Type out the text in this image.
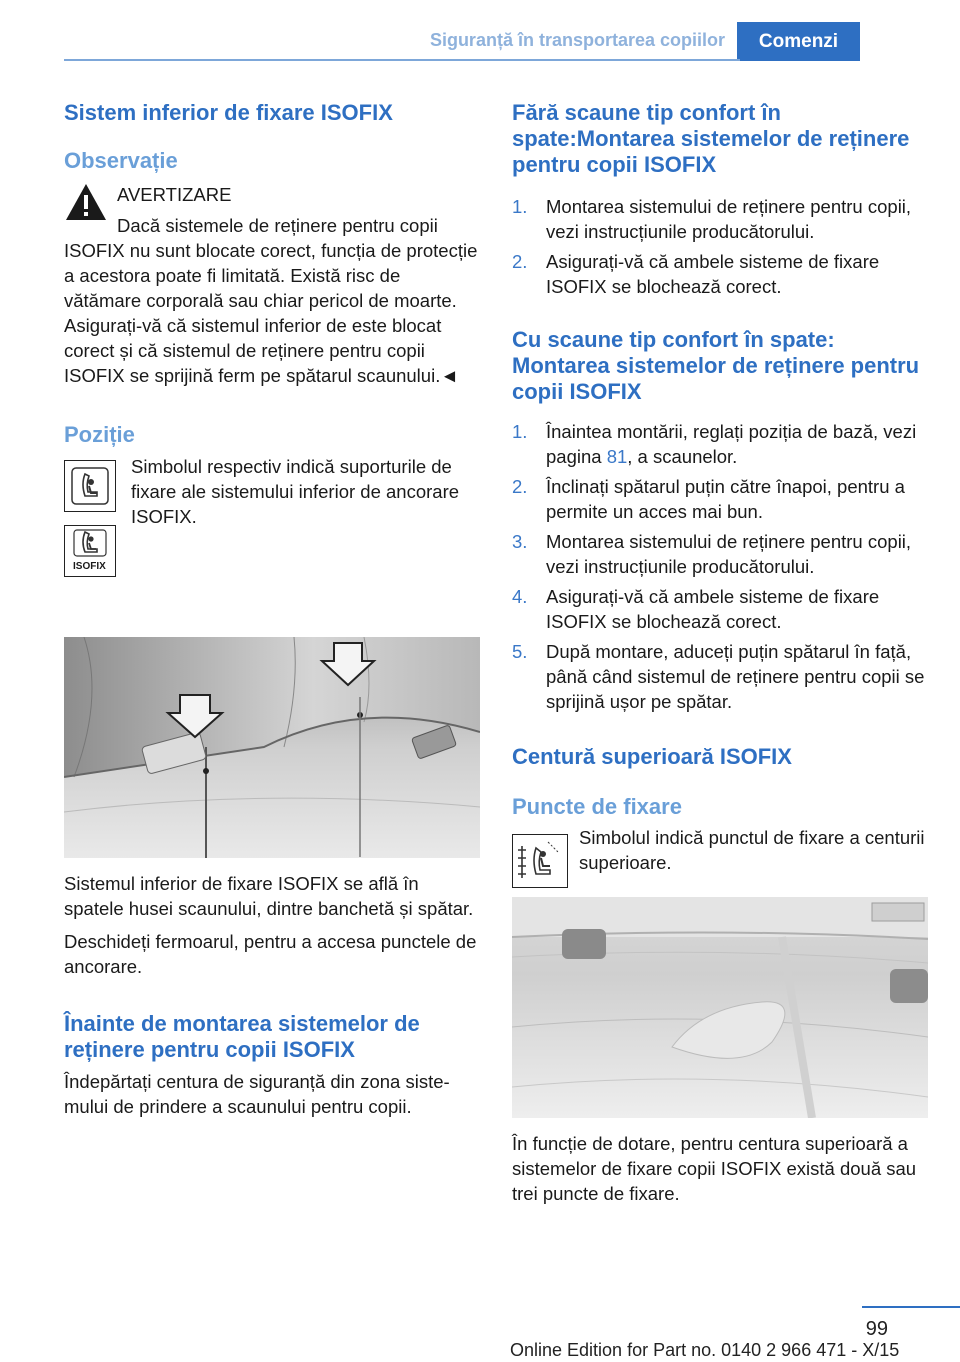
Siguranță în transportarea copiilor	Comenzi
Sistem inferior de fixare ISOFIX
Observație

AVERTIZARE

Dacă sistemele de reținere pentru copii

ISOFIX nu sunt blocate corect, funcția de protecție a acestora poate fi limitată. Există risc de vătămare corporală sau chiar pericol de moarte. Asigurați-vă că sistemul inferior de este blocat corect și că sistemul de reținere pentru copii ISOFIX se sprijină ferm pe spătarul scaunului.◄

Poziție
ISOFIX

Simbolul respectiv indică suporturile de fixare ale sistemului inferior de ancorare ISOFIX.

Sistemul inferior de fixare ISOFIX se află în spatele husei scaunului, dintre banchetă și spătar.

Deschideți fermoarul, pentru a accesa punctele de ancorare.

Înainte de montarea sistemelor de reținere pentru copii ISOFIX

Îndepărtați centura de siguranță din zona sistemului de prindere a scaunului pentru copii.

Fără scaune tip confort în spate:Montarea sistemelor de reținere pentru copii ISOFIX
1. Montarea sistemului de reținere pentru copii, vezi instrucțiunile producătorului.
2. Asigurați-vă că ambele sisteme de fixare ISOFIX se blochează corect.
Cu scaune tip confort în spate: Montarea sistemelor de reținere pentru copii ISOFIX
1. Înaintea montării, reglați poziția de bază, vezi pagina 81, a scaunelor.
2. Înclinați spătarul puțin către înapoi, pentru a permite un acces mai bun.
3. Montarea sistemului de reținere pentru copii, vezi instrucțiunile producătorului.
4. Asigurați-vă că ambele sisteme de fixare ISOFIX se blochează corect.
5. După montare, aduceți puțin spătarul în față, până când sistemul de reținere pentru copii se sprijină ușor pe spătar.
Centură superioară ISOFIX
Puncte de fixare

Simbolul indică punctul de fixare a centurii superioare.

În funcție de dotare, pentru centura superioară a sistemelor de fixare copii ISOFIX există două sau trei puncte de fixare.

99
Online Edition for Part no. 0140 2 966 471 - X/15
